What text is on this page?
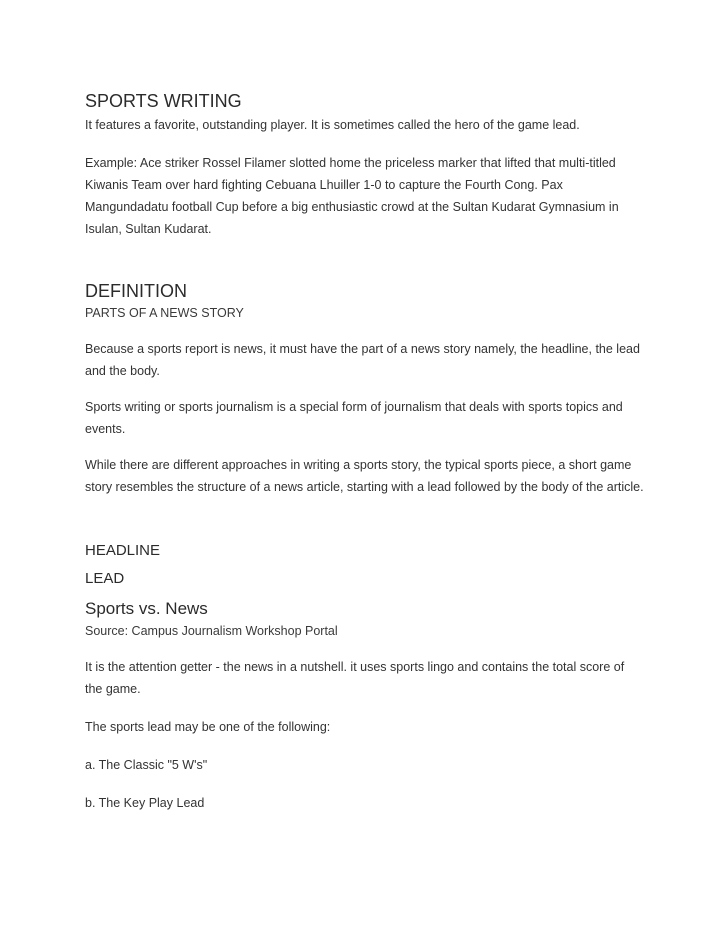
SPORTS WRITING

It features a favorite, outstanding player. It is sometimes called the hero of the game lead.

Example: Ace striker Rossel Filamer slotted home the priceless marker that lifted that multi-titled Kiwanis Team over hard fighting Cebuana Lhuiller 1-0 to capture the Fourth Cong. Pax Mangundadatu football Cup before a big enthusiastic crowd at the Sultan Kudarat Gymnasium in Isulan, Sultan Kudarat.

DEFINITION

PARTS OF A NEWS STORY

Because a sports report is news, it must have the part of a news story namely, the headline, the lead and the body.

Sports writing or sports journalism is a special form of journalism that deals with sports topics and events.

While there are different approaches in writing a sports story, the typical sports piece, a short game story resembles the structure of a news article, starting with a lead followed by the body of the article.

HEADLINE

LEAD

Sports vs. News

Source: Campus Journalism Workshop Portal

It is the attention getter - the news in a nutshell. it uses sports lingo and contains the total score of the game.

The sports lead may be one of the following:

a. The Classic "5 W's"

b. The Key Play Lead
